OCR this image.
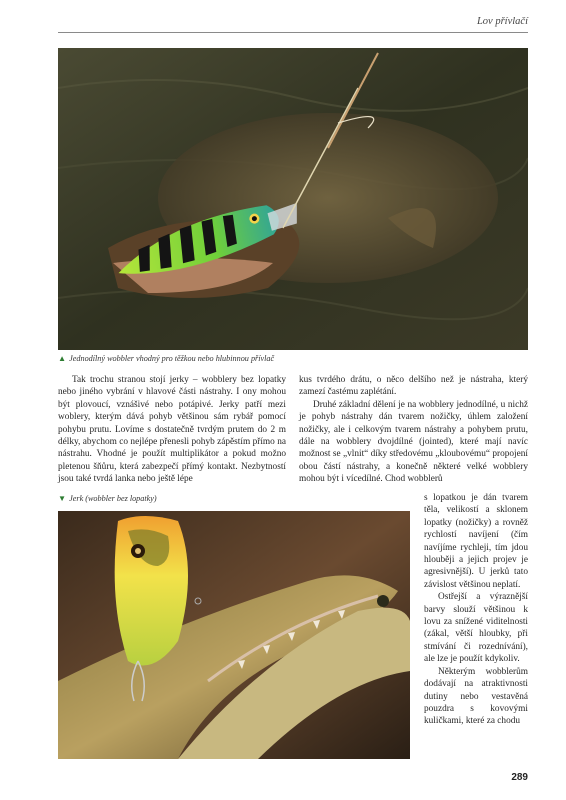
Lov přívlačí
▲ Jednodílný wobbler vhodný pro těžkou nebo hlubinnou přívlač

Tak trochu stranou stojí jerky – wobblery bez lopatky nebo jiného vybrání v hlavové části nástrahy. I ony mohou být plovoucí, vznášivé nebo potápivé. Jerky patří mezi woblery, kterým dává pohyb většinou sám rybář pomocí pohybu prutu. Lovíme s dostatečně tvrdým prutem do 2 m délky, abychom co nejlépe přenesli pohyb zápěstím přímo na nástrahu. Vhodné je použít multiplikátor a pokud možno pletenou šňůru, která zabezpečí přímý kontakt. Nezbytností jsou také tvrdá lanka nebo ještě lépe

▼ Jerk (wobbler bez lopatky)

kus tvrdého drátu, o něco delšího než je nástraha, který zamezí častému zaplétání.

Druhé základní dělení je na wobblery jednodílné, u nichž je pohyb nástrahy dán tvarem nožičky, úhlem založení nožičky, ale i celkovým tvarem nástrahy a pohybem prutu, dále na wobblery dvojdílné (jointed), které mají navíc možnost se „vlnit“ díky středovému „kloubovému“ propojení obou částí nástrahy, a konečně některé velké wobblery mohou být i vícedílné. Chod wobblerů

s lopatkou je dán tvarem těla, velikostí a sklonem lopatky (nožičky) a rovněž rychlostí navíjení (čím navíjíme rychleji, tím jdou hlouběji a jejich projev je agresivnější). U jerků tato závislost většinou neplatí.

Ostřejší a výraznější barvy slouží většinou k lovu za snížené viditelnosti (zákal, větší hloubky, při stmívání či rozednívání), ale lze je použít kdykoliv.

Některým wobblerům dodávají na atraktivnosti dutiny nebo vestavěná pouzdra s kovovými kuličkami, které za chodu

289
